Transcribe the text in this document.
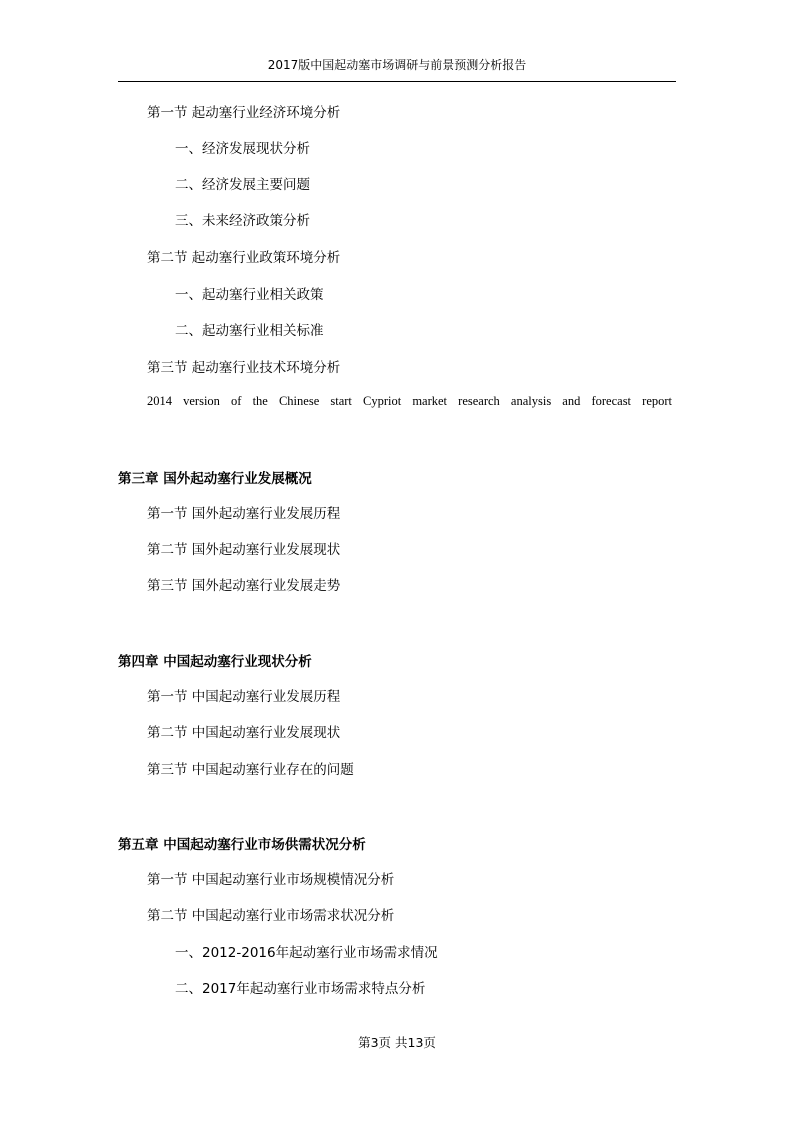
2017版中国起动塞市场调研与前景预测分析报告
第一节 起动塞行业经济环境分析
一、经济发展现状分析
二、经济发展主要问题
三、未来经济政策分析
第二节 起动塞行业政策环境分析
一、起动塞行业相关政策
二、起动塞行业相关标准
第三节 起动塞行业技术环境分析
2014 version of the Chinese start Cypriot market research analysis and forecast report
第三章 国外起动塞行业发展概况
第一节 国外起动塞行业发展历程
第二节 国外起动塞行业发展现状
第三节 国外起动塞行业发展走势
第四章 中国起动塞行业现状分析
第一节 中国起动塞行业发展历程
第二节 中国起动塞行业发展现状
第三节 中国起动塞行业存在的问题
第五章 中国起动塞行业市场供需状况分析
第一节 中国起动塞行业市场规模情况分析
第二节 中国起动塞行业市场需求状况分析
一、2012-2016年起动塞行业市场需求情况
二、2017年起动塞行业市场需求特点分析
第3页 共13页
